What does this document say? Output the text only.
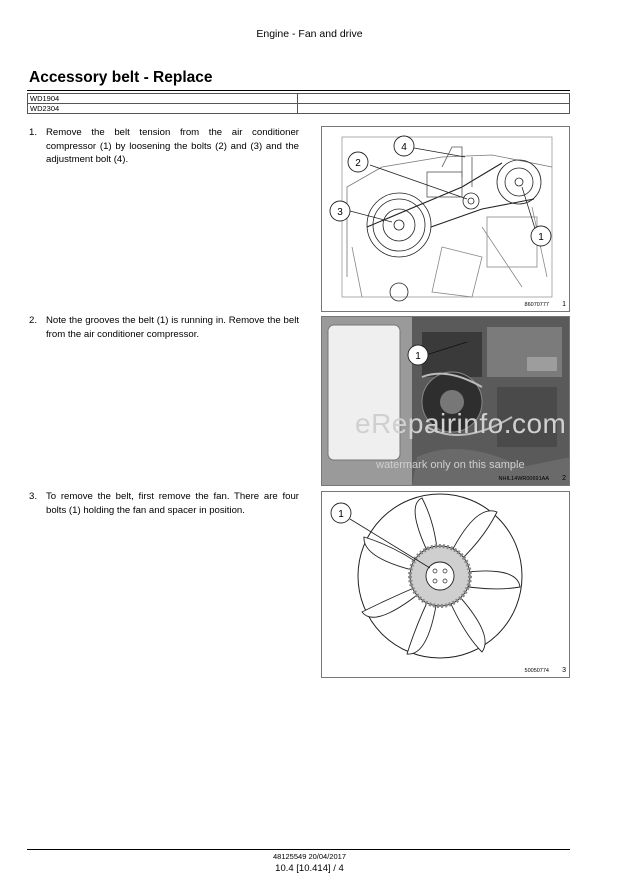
Engine - Fan and drive
Accessory belt - Replace
WD1904	
WD2304	
1. Remove the belt tension from the air conditioner compressor (1) by loosening the bolts (2) and (3) and the adjustment bolt (4).
2. Note the grooves the belt (1) is running in. Remove the belt from the air conditioner compressor.
3. To remove the belt, first remove the fan. There are four bolts (1) holding the fan and spacer in position.
4
2
3
1
86070777 1
1
NHIL14WR00691AA 2
1
50050774 3
eRepairinfo.com
watermark only on this sample
48125549 20/04/2017
10.4 [10.414] / 4
